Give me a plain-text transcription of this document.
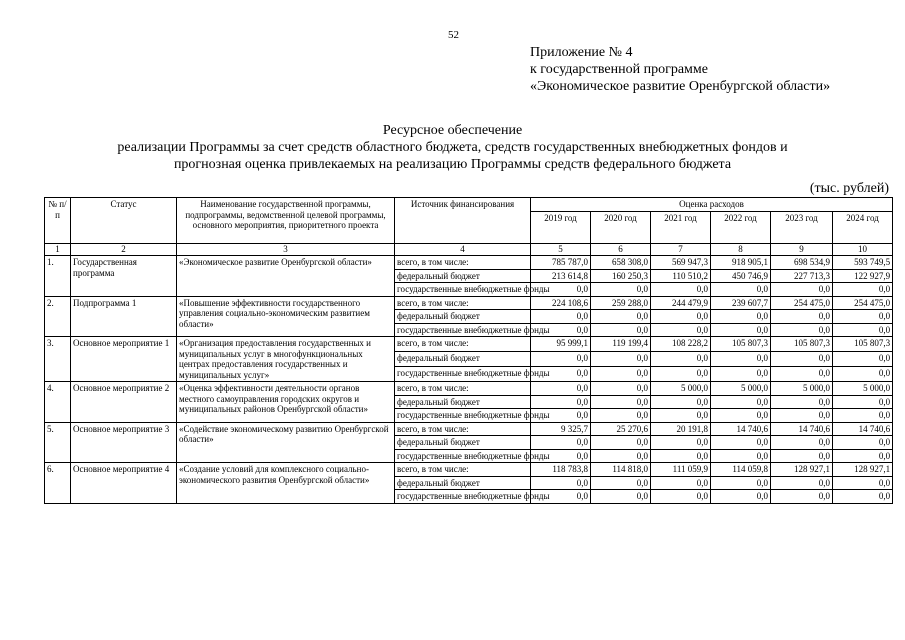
52
Приложение № 4
к государственной программе
«Экономическое развитие Оренбургской области»
Ресурсное обеспечение
реализации Программы за счет средств областного бюджета, средств государственных внебюджетных фондов и
прогнозная оценка привлекаемых на реализацию Программы средств федерального бюджета
(тыс. рублей)
№ п/п	Статус	Наименование государственной программы, подпрограммы, ведомственной целевой программы, основного мероприятия, приоритетного проекта	Источник финансирования	Оценка расходов					
				2019 год	2020 год	2021 год	2022 год	2023 год	2024 год
1	2	3	4	5	6	7	8	9	10
1.	Государственная программа	«Экономическое развитие Оренбургской области»	всего, в том числе:	785 787,0	658 308,0	569 947,3	918 905,1	698 534,9	593 749,5
			федеральный бюджет	213 614,8	160 250,3	110 510,2	450 746,9	227 713,3	122 927,9
			государственные внебюджетные фонды	0,0	0,0	0,0	0,0	0,0	0,0
2.	Подпрограмма 1	«Повышение эффективности государственного управления социально-экономическим развитием области»	всего, в том числе:	224 108,6	259 288,0	244 479,9	239 607,7	254 475,0	254 475,0
			федеральный бюджет	0,0	0,0	0,0	0,0	0,0	0,0
			государственные внебюджетные фонды	0,0	0,0	0,0	0,0	0,0	0,0
3.	Основное мероприятие 1	«Организация предоставления государственных и муниципальных услуг в многофункциональных центрах предоставления государственных и муниципальных услуг»	всего, в том числе:	95 999,1	119 199,4	108 228,2	105 807,3	105 807,3	105 807,3
			федеральный бюджет	0,0	0,0	0,0	0,0	0,0	0,0
			государственные внебюджетные фонды	0,0	0,0	0,0	0,0	0,0	0,0
4.	Основное мероприятие 2	«Оценка эффективности деятельности органов местного самоуправления городских округов и муниципальных районов Оренбургской области»	всего, в том числе:	0,0	0,0	5 000,0	5 000,0	5 000,0	5 000,0
			федеральный бюджет	0,0	0,0	0,0	0,0	0,0	0,0
			государственные внебюджетные фонды	0,0	0,0	0,0	0,0	0,0	0,0
5.	Основное мероприятие 3	«Содействие экономическому развитию Оренбургской области»	всего, в том числе:	9 325,7	25 270,6	20 191,8	14 740,6	14 740,6	14 740,6
			федеральный бюджет	0,0	0,0	0,0	0,0	0,0	0,0
			государственные внебюджетные фонды	0,0	0,0	0,0	0,0	0,0	0,0
6.	Основное мероприятие 4	«Создание условий для комплексного социально-экономического развития Оренбургской области»	всего, в том числе:	118 783,8	114 818,0	111 059,9	114 059,8	128 927,1	128 927,1
			федеральный бюджет	0,0	0,0	0,0	0,0	0,0	0,0
			государственные внебюджетные фонды	0,0	0,0	0,0	0,0	0,0	0,0
